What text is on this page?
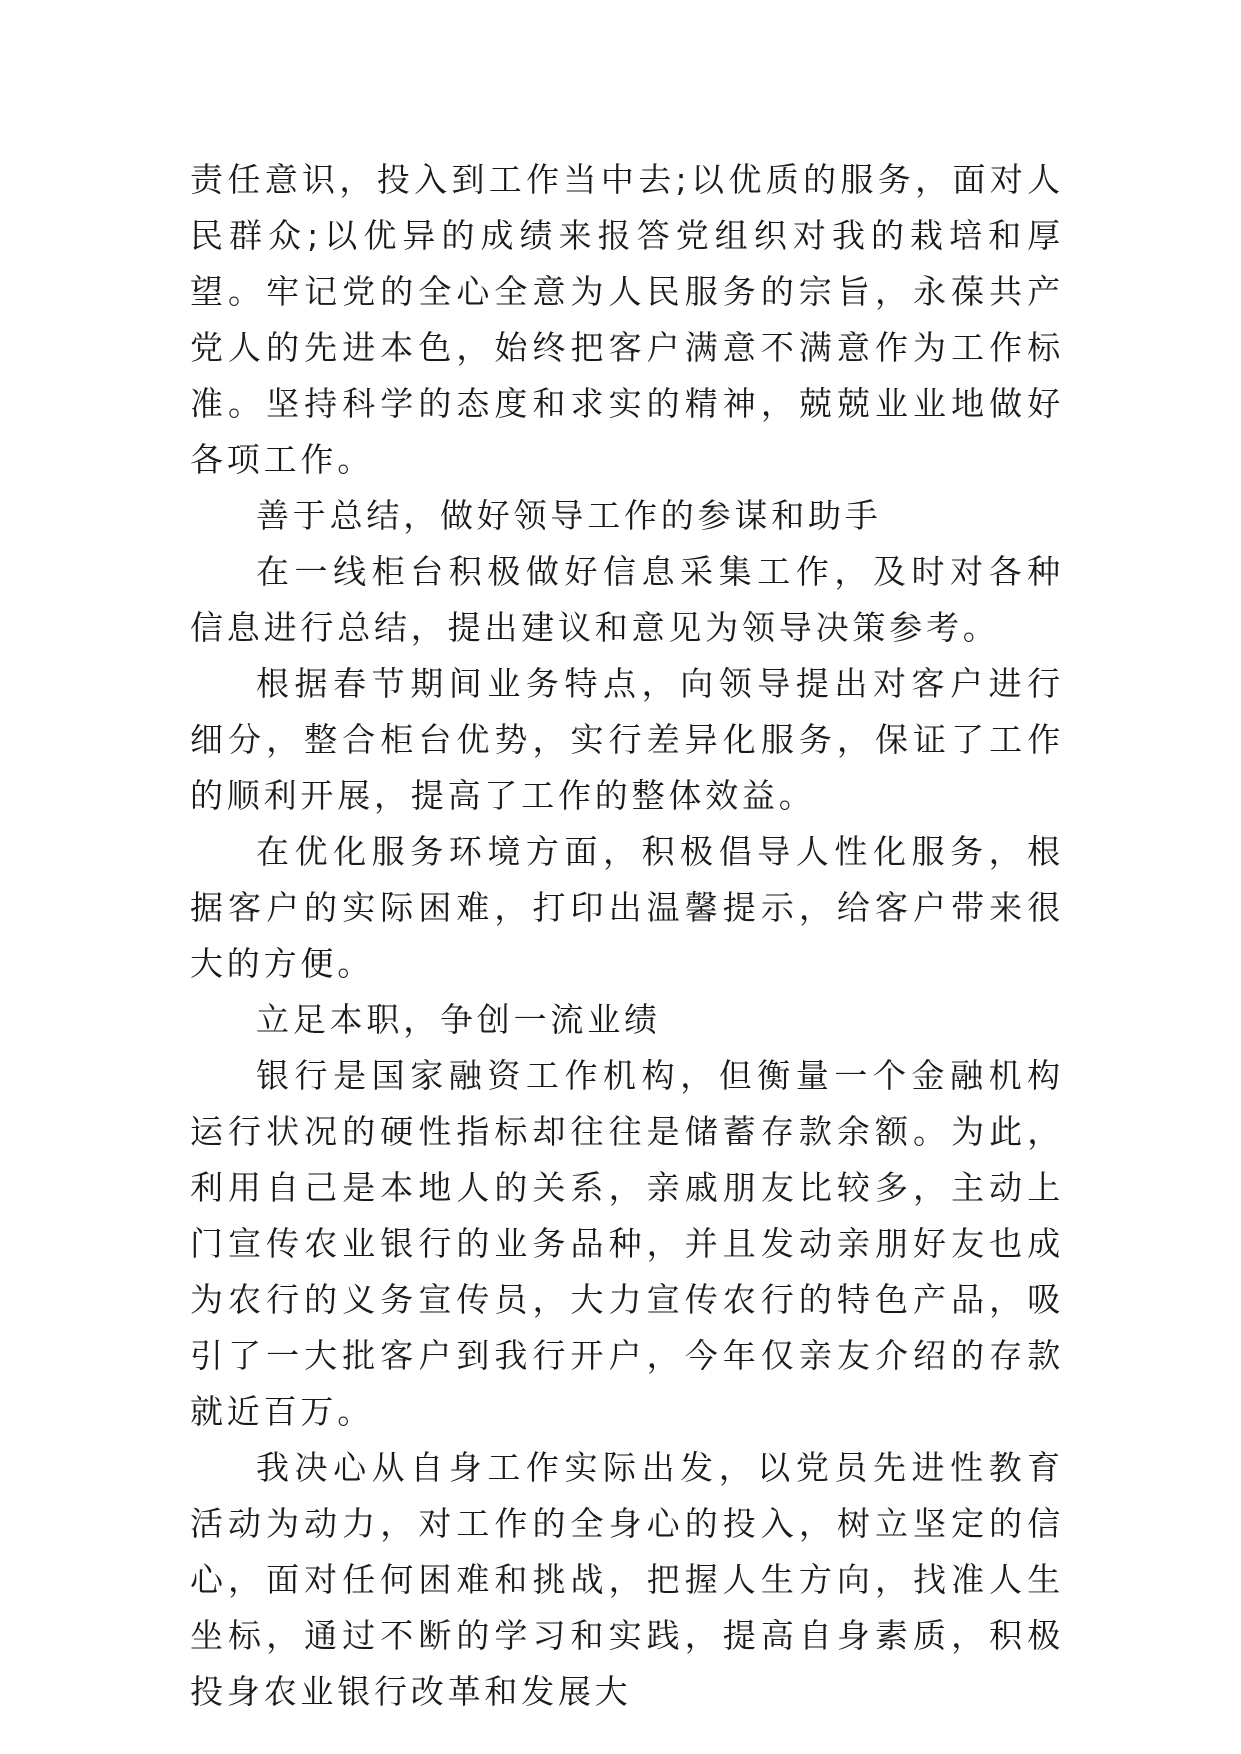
责任意识，投入到工作当中去;以优质的服务，面对人民群众;以优异的成绩来报答党组织对我的栽培和厚望。牢记党的全心全意为人民服务的宗旨，永葆共产党人的先进本色，始终把客户满意不满意作为工作标准。坚持科学的态度和求实的精神，兢兢业业地做好各项工作。

善于总结，做好领导工作的参谋和助手

在一线柜台积极做好信息采集工作，及时对各种信息进行总结，提出建议和意见为领导决策参考。

根据春节期间业务特点，向领导提出对客户进行细分，整合柜台优势，实行差异化服务，保证了工作的顺利开展，提高了工作的整体效益。

在优化服务环境方面，积极倡导人性化服务，根据客户的实际困难，打印出温馨提示，给客户带来很大的方便。

立足本职，争创一流业绩

银行是国家融资工作机构，但衡量一个金融机构运行状况的硬性指标却往往是储蓄存款余额。为此，利用自己是本地人的关系，亲戚朋友比较多，主动上门宣传农业银行的业务品种，并且发动亲朋好友也成为农行的义务宣传员，大力宣传农行的特色产品，吸引了一大批客户到我行开户，今年仅亲友介绍的存款就近百万。

我决心从自身工作实际出发，以党员先进性教育活动为动力，对工作的全身心的投入，树立坚定的信心，面对任何困难和挑战，把握人生方向，找准人生坐标，通过不断的学习和实践，提高自身素质，积极投身农业银行改革和发展大
